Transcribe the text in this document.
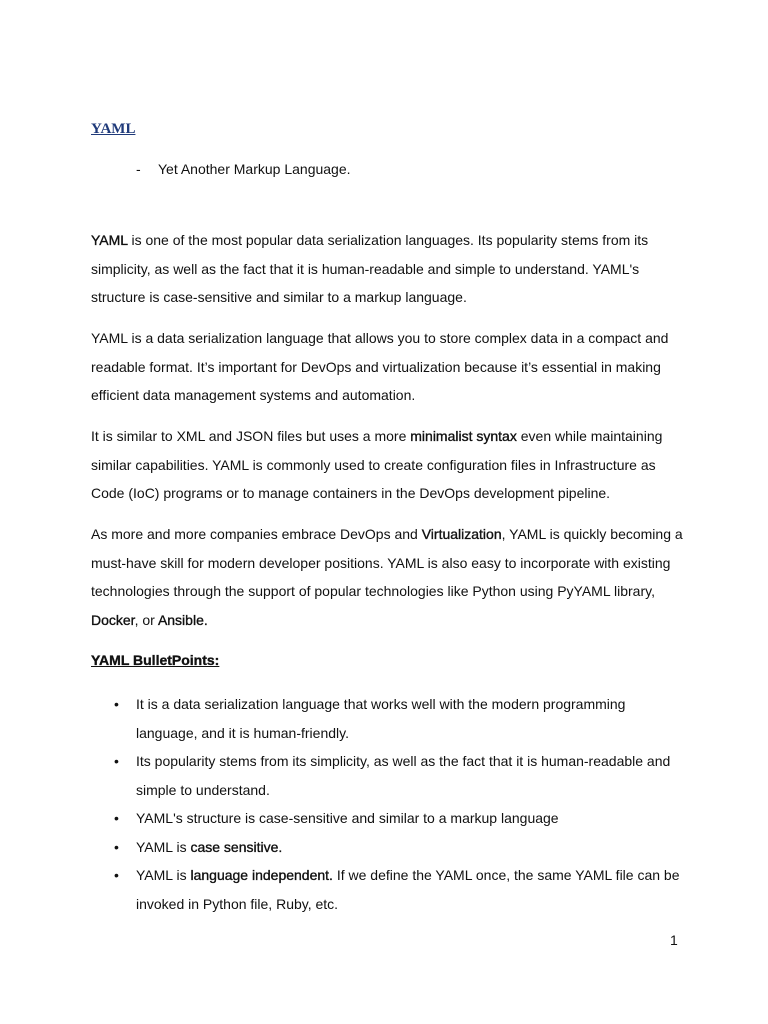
YAML
- Yet Another Markup Language.
YAML is one of the most popular data serialization languages. Its popularity stems from its
simplicity, as well as the fact that it is human-readable and simple to understand. YAML's
structure is case-sensitive and similar to a markup language.
YAML is a data serialization language that allows you to store complex data in a compact and
readable format. It’s important for DevOps and virtualization because it’s essential in making
efficient data management systems and automation.
It is similar to XML and JSON files but uses a more minimalist syntax even while maintaining
similar capabilities. YAML is commonly used to create configuration files in Infrastructure as
Code (IoC) programs or to manage containers in the DevOps development pipeline.
As more and more companies embrace DevOps and Virtualization, YAML is quickly becoming a
must-have skill for modern developer positions. YAML is also easy to incorporate with existing
technologies through the support of popular technologies like Python using PyYAML library,
Docker, or Ansible.
YAML BulletPoints:
• It is a data serialization language that works well with the modern programming
language, and it is human-friendly.
• Its popularity stems from its simplicity, as well as the fact that it is human-readable and
simple to understand.
• YAML's structure is case-sensitive and similar to a markup language
• YAML is case sensitive.
• YAML is language independent. If we define the YAML once, the same YAML file can be
invoked in Python file, Ruby, etc.
1
